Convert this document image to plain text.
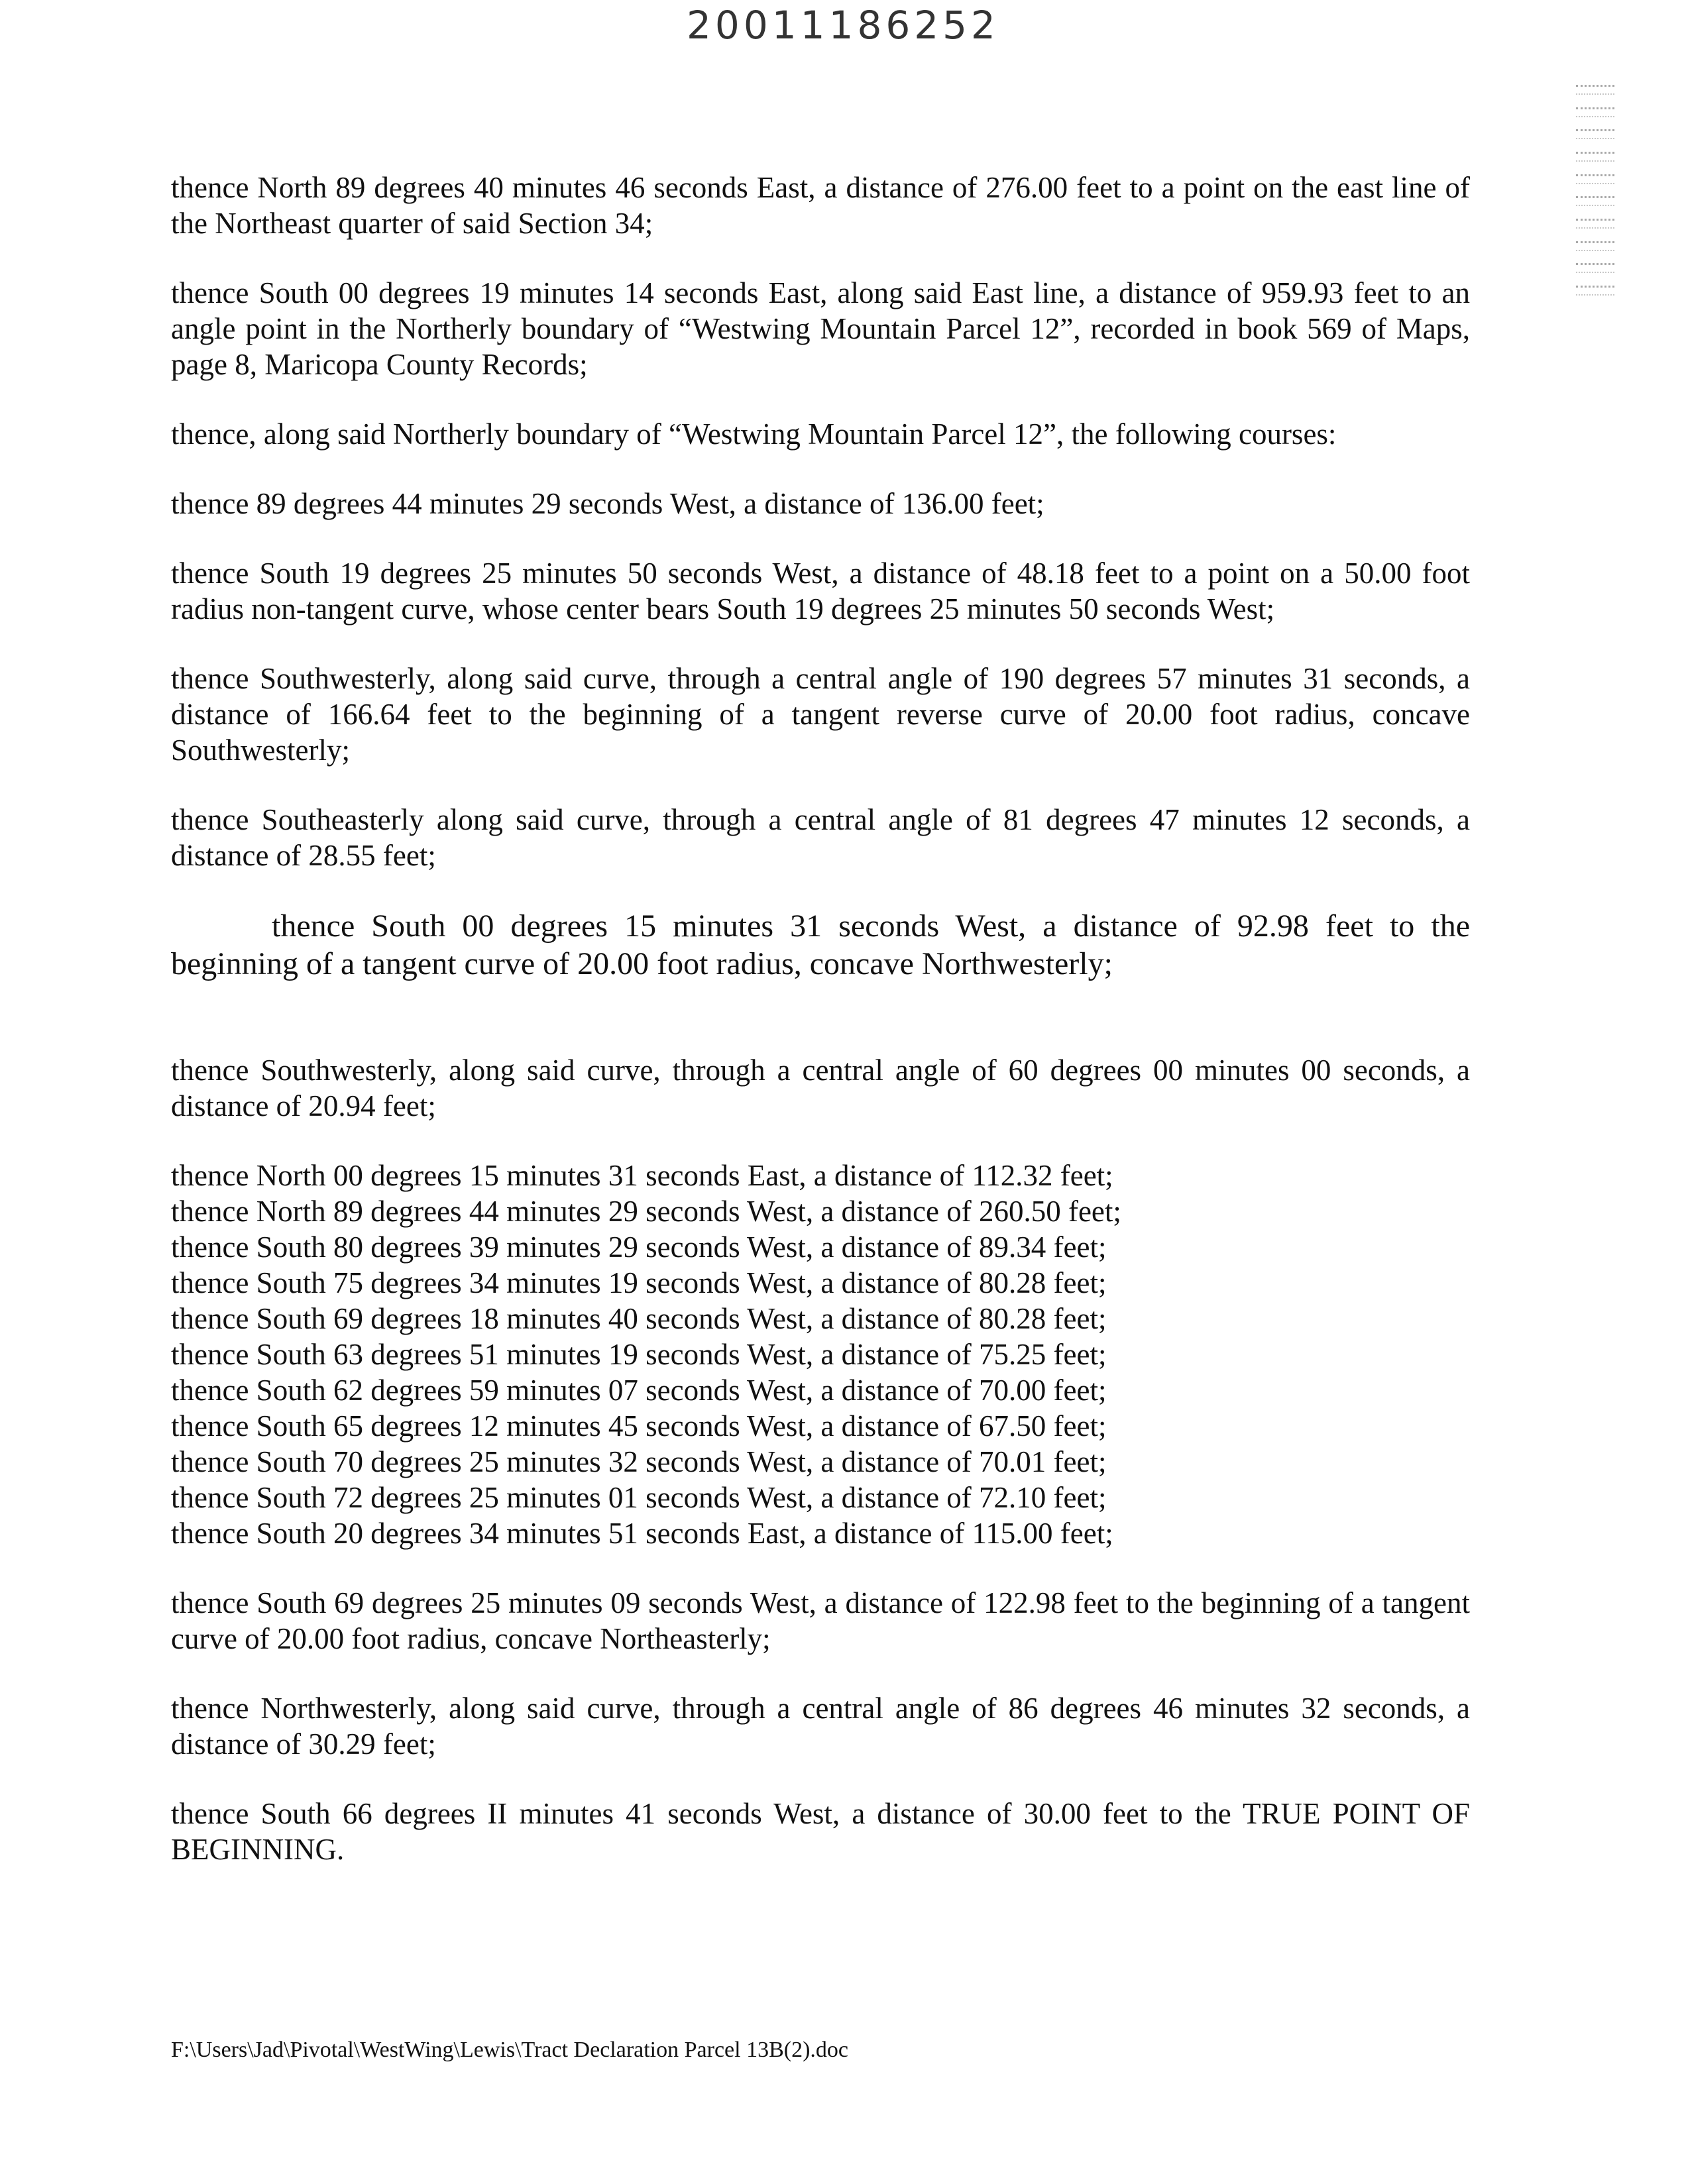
20011186252

thence North 89 degrees 40 minutes 46 seconds East, a distance of 276.00 feet to a point on the east line of the Northeast quarter of said Section 34;

thence South 00 degrees 19 minutes 14 seconds East, along said East line, a distance of 959.93 feet to an angle point in the Northerly boundary of “Westwing Mountain Parcel 12”, recorded in book 569 of Maps, page 8, Maricopa County Records;

thence, along said Northerly boundary of “Westwing Mountain Parcel 12”, the following courses:

thence 89 degrees 44 minutes 29 seconds West, a distance of 136.00 feet;

thence South 19 degrees 25 minutes 50 seconds West, a distance of 48.18 feet to a point on a 50.00 foot radius non-tangent curve, whose center bears South 19 degrees 25 minutes 50 seconds West;

thence Southwesterly, along said curve, through a central angle of 190 degrees 57 minutes 31 seconds, a distance of 166.64 feet to the beginning of a tangent reverse curve of 20.00 foot radius, concave Southwesterly;

thence Southeasterly along said curve, through a central angle of 81 degrees 47 minutes 12 seconds, a distance of 28.55 feet;

thence South 00 degrees 15 minutes 31 seconds West, a distance of 92.98 feet to the beginning of a tangent curve of 20.00 foot radius, concave Northwesterly;

thence Southwesterly, along said curve, through a central angle of 60 degrees 00 minutes 00 seconds, a distance of 20.94 feet;

thence North 00 degrees 15 minutes 31 seconds East, a distance of 112.32 feet;
thence North 89 degrees 44 minutes 29 seconds West, a distance of 260.50 feet;
thence South 80 degrees 39 minutes 29 seconds West, a distance of 89.34 feet;
thence South 75 degrees 34 minutes 19 seconds West, a distance of 80.28 feet;
thence South 69 degrees 18 minutes 40 seconds West, a distance of 80.28 feet;
thence South 63 degrees 51 minutes 19 seconds West, a distance of 75.25 feet;
thence South 62 degrees 59 minutes 07 seconds West, a distance of 70.00 feet;
thence South 65 degrees 12 minutes 45 seconds West, a distance of 67.50 feet;
thence South 70 degrees 25 minutes 32 seconds West, a distance of 70.01 feet;
thence South 72 degrees 25 minutes 01 seconds West, a distance of 72.10 feet;
thence South 20 degrees 34 minutes 51 seconds East, a distance of 115.00 feet;

thence South 69 degrees 25 minutes 09 seconds West, a distance of 122.98 feet to the beginning of a tangent curve of 20.00 foot radius, concave Northeasterly;

thence Northwesterly, along said curve, through a central angle of 86 degrees 46 minutes 32 seconds, a distance of 30.29 feet;

thence South 66 degrees II minutes 41 seconds West, a distance of 30.00 feet to the TRUE POINT OF BEGINNING.

F:\Users\Jad\Pivotal\WestWing\Lewis\Tract Declaration Parcel 13B(2).doc
